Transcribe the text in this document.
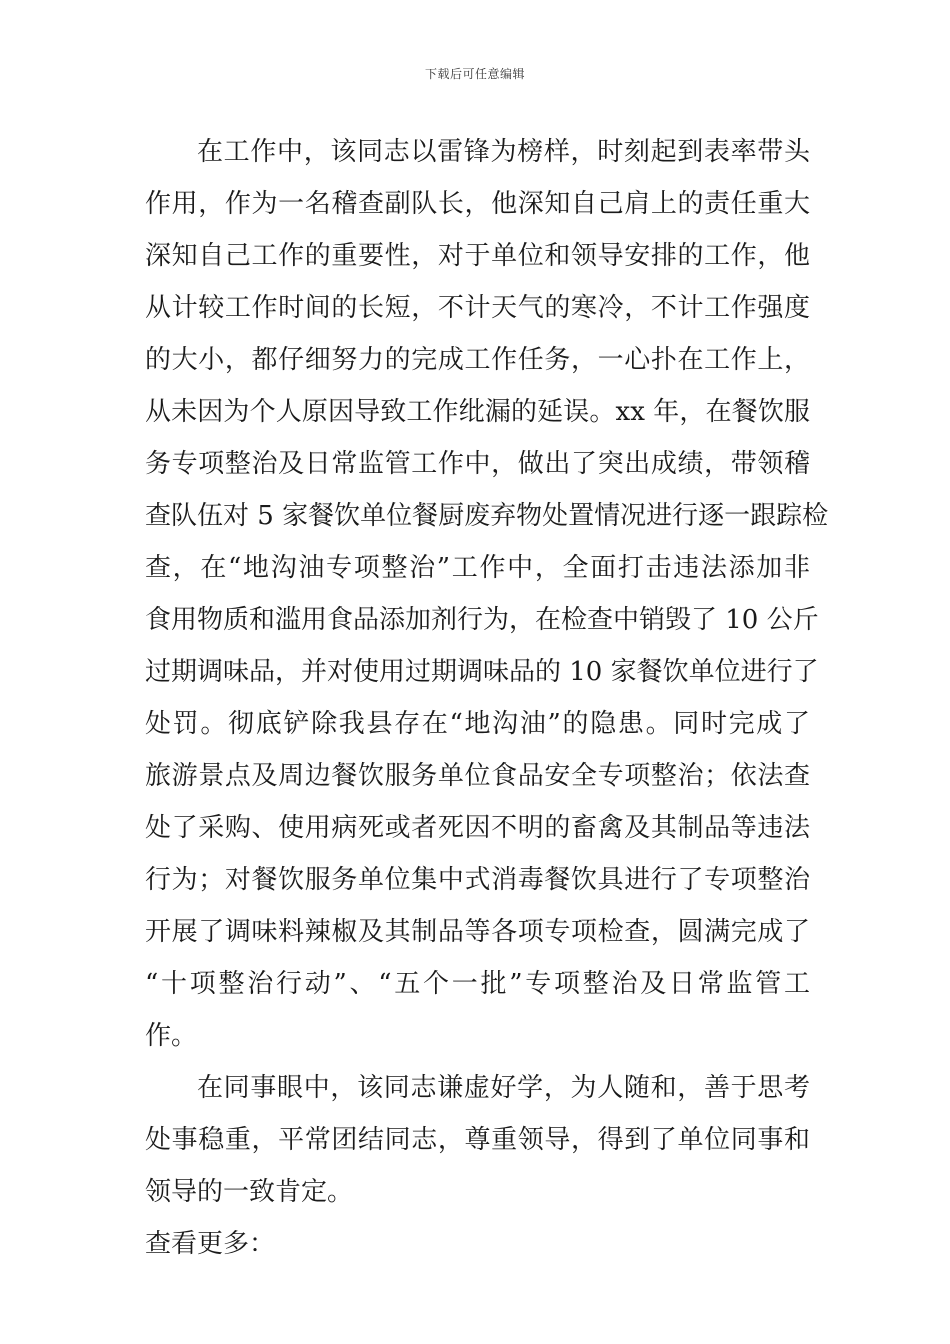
下载后可任意编辑
在工作中，该同志以雷锋为榜样，时刻起到表率带头
作用，作为一名稽查副队长，他深知自己肩上的责任重大
深知自己工作的重要性，对于单位和领导安排的工作，他
从计较工作时间的长短，不计天气的寒冷，不计工作强度
的大小，都仔细努力的完成工作任务，一心扑在工作上，
从未因为个人原因导致工作纰漏的延误。xx 年，在餐饮服
务专项整治及日常监管工作中，做出了突出成绩，带领稽
查队伍对 5 家餐饮单位餐厨废弃物处置情况进行逐一跟踪检
查，在“地沟油专项整治”工作中，全面打击违法添加非
食用物质和滥用食品添加剂行为，在检查中销毁了 10 公斤
过期调味品，并对使用过期调味品的 10 家餐饮单位进行了
处罚。彻底铲除我县存在“地沟油”的隐患。同时完成了
旅游景点及周边餐饮服务单位食品安全专项整治；依法查
处了采购、使用病死或者死因不明的畜禽及其制品等违法
行为；对餐饮服务单位集中式消毒餐饮具进行了专项整治
开展了调味料辣椒及其制品等各项专项检查，圆满完成了
“十项整治行动”、“五个一批”专项整治及日常监管工
作。
在同事眼中，该同志谦虚好学，为人随和，善于思考
处事稳重，平常团结同志，尊重领导，得到了单位同事和
领导的一致肯定。
查看更多：
